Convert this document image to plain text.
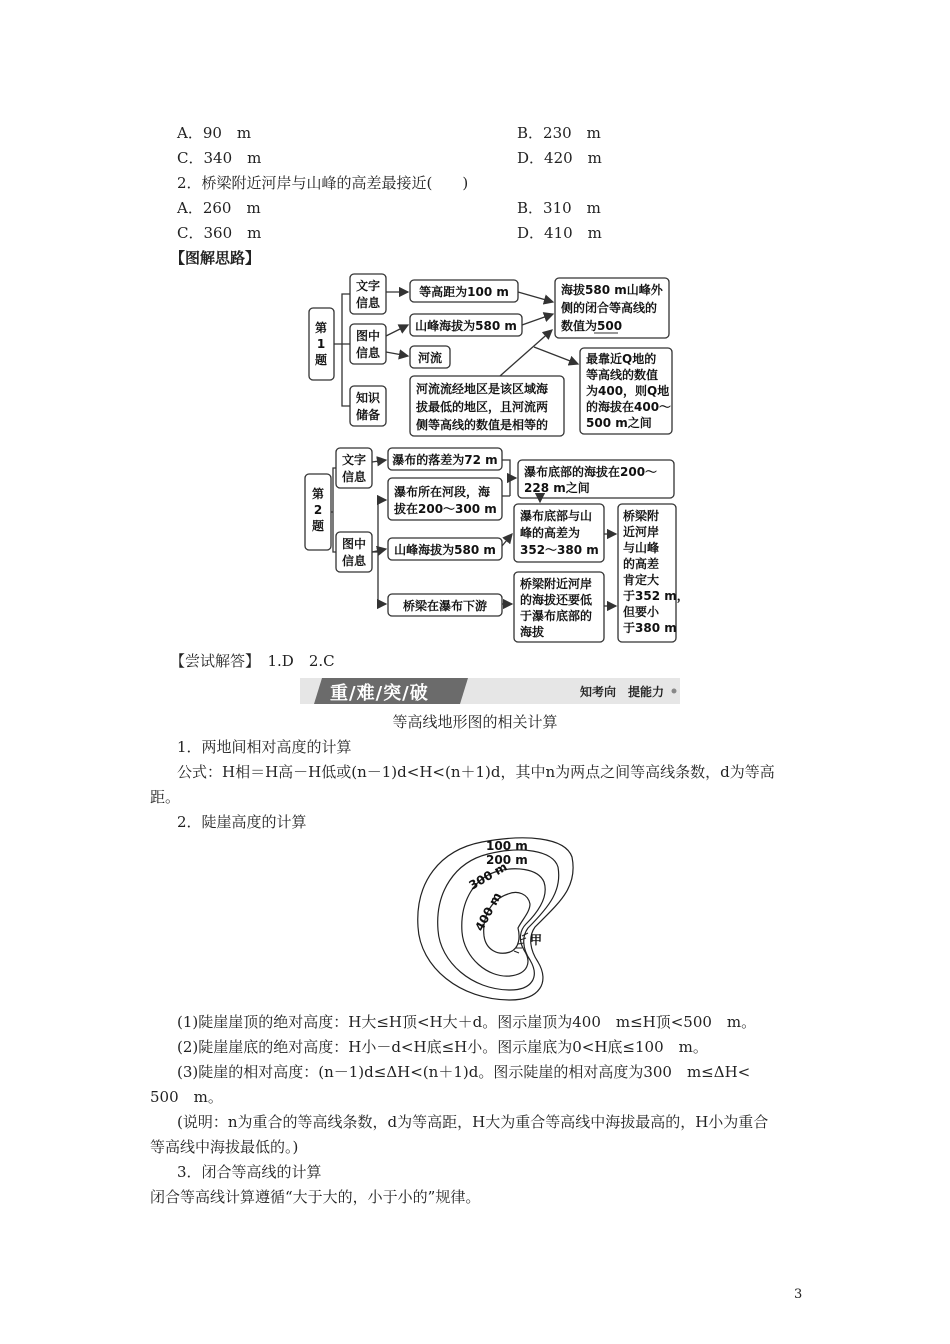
A．90　m	B．230　m
C．340　m	D．420　m
2．桥梁附近河岸与山峰的高差最接近(　　)
A．260　m	B．310　m
C．360　m	D．410　m
【图解思路】
第
1
题
文字
信息
图中
信息
知识
储备
等高距为100 m
山峰海拔为580 m
河流
河流流经地区是该区域海
拔最低的地区，且河流两
侧等高线的数值是相等的
海拔580 m山峰外
侧的闭合等高线的
数值为500
最靠近Q地的
等高线的数值
为400，则Q地
的海拔在400～
500 m之间
第
2
题
文字
信息
图中
信息
瀑布的落差为72 m
瀑布所在河段，海
拔在200～300 m
山峰海拔为580 m
桥梁在瀑布下游
瀑布底部的海拔在200～
228 m之间
瀑布底部与山
峰的高差为
352～380 m
桥梁附近河岸
的海拔还要低
于瀑布底部的
海拔
桥梁附
近河岸
与山峰
的高差
肯定大
于352 m，
但要小
于380 m
【尝试解答】　1.D　2.C
重/难/突/破	知考向　提能力
等高线地形图的相关计算
1．两地间相对高度的计算
公式：H相＝H高－H低或(n－1)d<H<(n＋1)d，其中n为两点之间等高线条数，d为等高
距。
2．陡崖高度的计算
100 m
200 m
300 m
400 m
甲
(1)陡崖崖顶的绝对高度：H大≤H顶<H大＋d。图示崖顶为400　m≤H顶<500　m。
(2)陡崖崖底的绝对高度：H小－d<H底≤H小。图示崖底为0<H底≤100　m。
(3)陡崖的相对高度：(n－1)d≤ΔH<(n＋1)d。图示陡崖的相对高度为300　m≤ΔH<
500　m。
(说明：n为重合的等高线条数，d为等高距，H大为重合等高线中海拔最高的，H小为重合
等高线中海拔最低的。)
3．闭合等高线的计算
闭合等高线计算遵循“大于大的，小于小的”规律。
3
